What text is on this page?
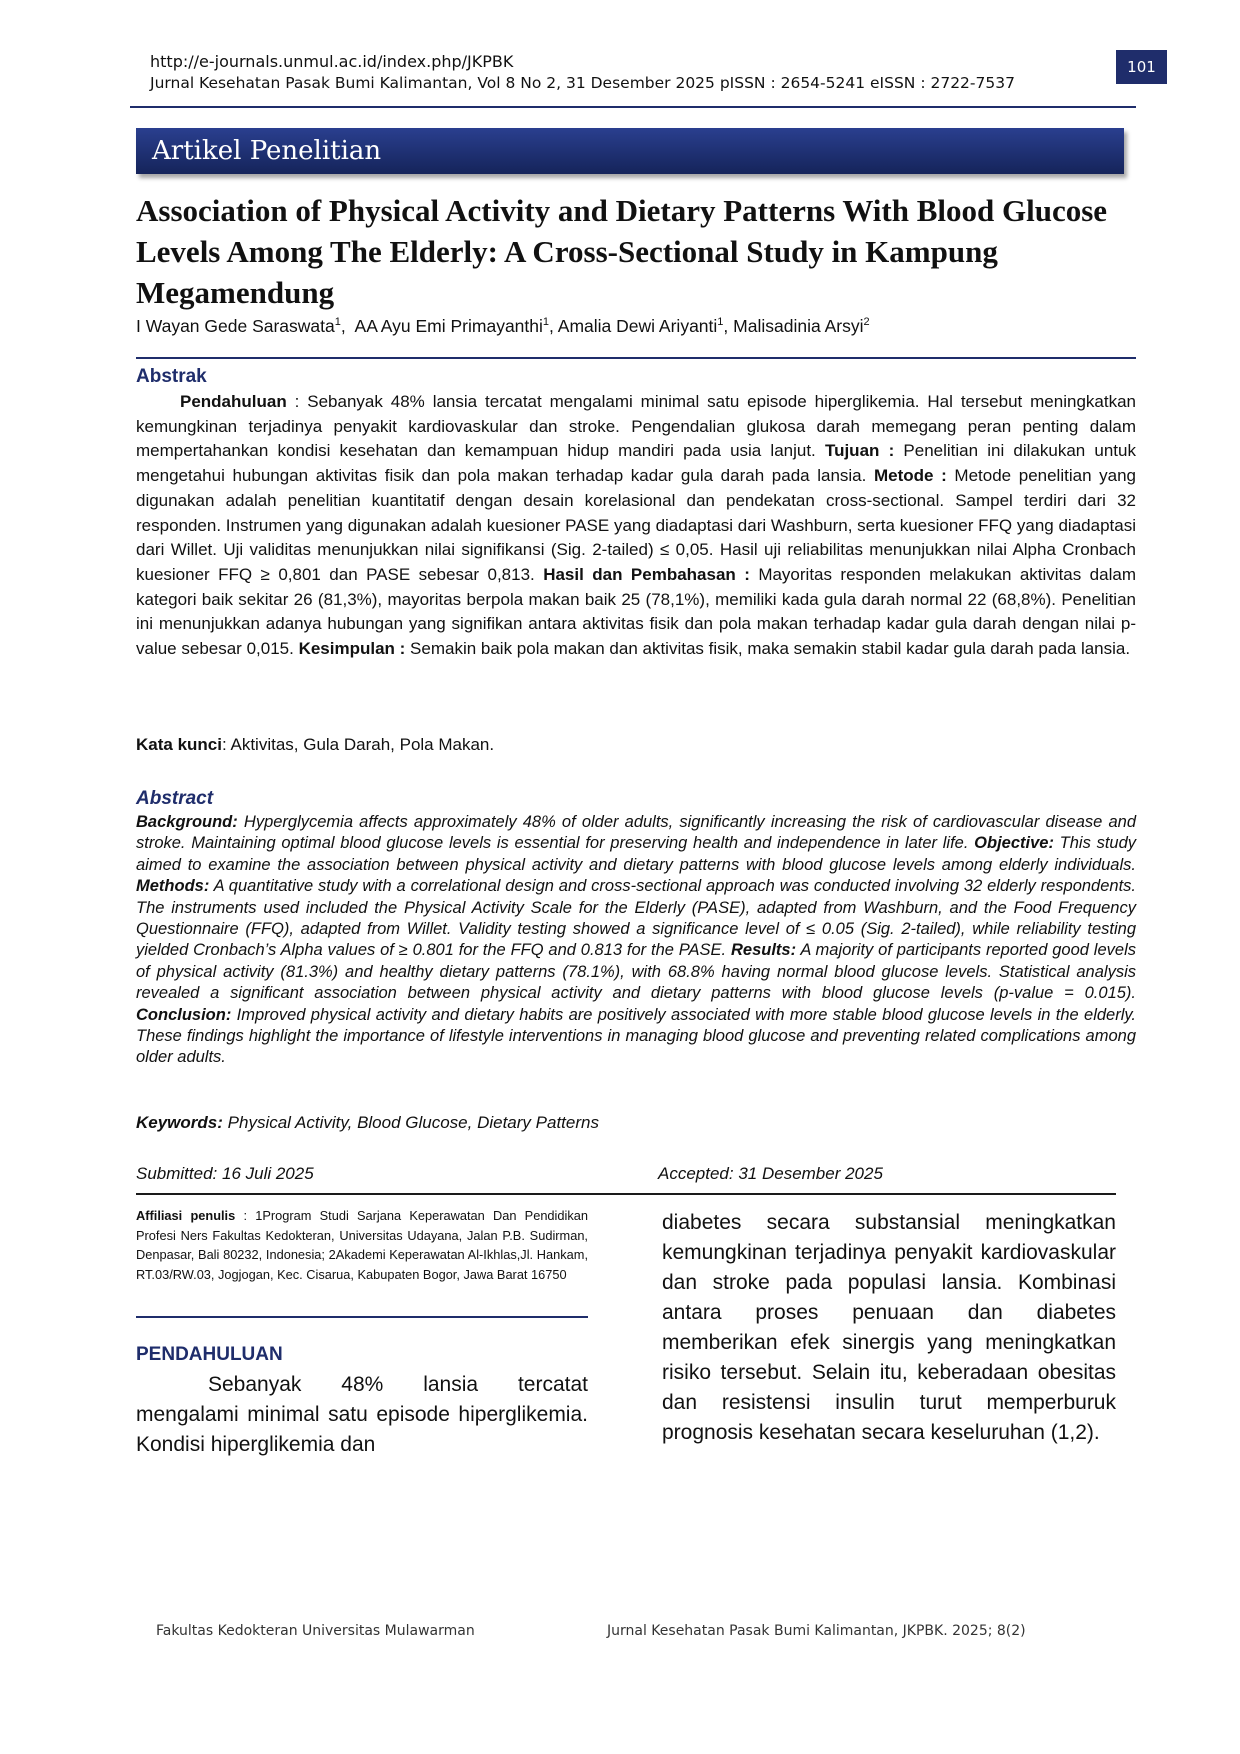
http://e-journals.unmul.ac.id/index.php/JKPBK
Jurnal Kesehatan Pasak Bumi Kalimantan, Vol 8 No 2, 31 Desember 2025 pISSN : 2654-5241 eISSN : 2722-7537
101
Artikel Penelitian
Association of Physical Activity and Dietary Patterns With Blood Glucose Levels Among The Elderly: A Cross-Sectional Study in Kampung Megamendung
I Wayan Gede Saraswata$^1$,  AA Ayu Emi Primayanthi$^1$, Amalia Dewi Ariyanti$^1$, Malisadinia Arsyi$^2$
Abstrak

Pendahuluan : Sebanyak 48% lansia tercatat mengalami minimal satu episode hiperglikemia. Hal tersebut meningkatkan kemungkinan terjadinya penyakit kardiovaskular dan stroke. Pengendalian glukosa darah memegang peran penting dalam mempertahankan kondisi kesehatan dan kemampuan hidup mandiri pada usia lanjut. Tujuan : Penelitian ini dilakukan untuk mengetahui hubungan aktivitas fisik dan pola makan terhadap kadar gula darah pada lansia. Metode : Metode penelitian yang digunakan adalah penelitian kuantitatif dengan desain korelasional dan pendekatan cross-sectional. Sampel terdiri dari 32 responden. Instrumen yang digunakan adalah kuesioner PASE yang diadaptasi dari Washburn, serta kuesioner FFQ yang diadaptasi dari Willet. Uji validitas menunjukkan nilai signifikansi (Sig. 2-tailed) ≤ 0,05. Hasil uji reliabilitas menunjukkan nilai Alpha Cronbach kuesioner FFQ ≥ 0,801 dan PASE sebesar 0,813. Hasil dan Pembahasan : Mayoritas responden melakukan aktivitas dalam kategori baik sekitar 26 (81,3%), mayoritas berpola makan baik 25 (78,1%), memiliki kada gula darah normal 22 (68,8%). Penelitian ini menunjukkan adanya hubungan yang signifikan antara aktivitas fisik dan pola makan terhadap kadar gula darah dengan nilai p-value sebesar 0,015. Kesimpulan : Semakin baik pola makan dan aktivitas fisik, maka semakin stabil kadar gula darah pada lansia.

Kata kunci: Aktivitas, Gula Darah, Pola Makan.
Abstract
Background: Hyperglycemia affects approximately 48% of older adults, significantly increasing the risk of cardiovascular disease and stroke. Maintaining optimal blood glucose levels is essential for preserving health and independence in later life. Objective: This study aimed to examine the association between physical activity and dietary patterns with blood glucose levels among elderly individuals. Methods: A quantitative study with a correlational design and cross-sectional approach was conducted involving 32 elderly respondents. The instruments used included the Physical Activity Scale for the Elderly (PASE), adapted from Washburn, and the Food Frequency Questionnaire (FFQ), adapted from Willet. Validity testing showed a significance level of ≤ 0.05 (Sig. 2-tailed), while reliability testing yielded Cronbach’s Alpha values of ≥ 0.801 for the FFQ and 0.813 for the PASE. Results: A majority of participants reported good levels of physical activity (81.3%) and healthy dietary patterns (78.1%), with 68.8% having normal blood glucose levels. Statistical analysis revealed a significant association between physical activity and dietary patterns with blood glucose levels (p-value = 0.015). Conclusion: Improved physical activity and dietary habits are positively associated with more stable blood glucose levels in the elderly. These findings highlight the importance of lifestyle interventions in managing blood glucose and preventing related complications among older adults.
Keywords: Physical Activity, Blood Glucose, Dietary Patterns
Submitted: 16 Juli 2025	Accepted: 31 Desember 2025
Affiliasi penulis : 1Program Studi Sarjana Keperawatan Dan Pendidikan Profesi Ners Fakultas Kedokteran, Universitas Udayana, Jalan P.B. Sudirman, Denpasar, Bali 80232, Indonesia; 2Akademi Keperawatan Al-Ikhlas,Jl. Hankam, RT.03/RW.03, Jogjogan, Kec. Cisarua, Kabupaten Bogor, Jawa Barat 16750
PENDAHULUAN

Sebanyak 48% lansia tercatat mengalami minimal satu episode hiperglikemia. Kondisi hiperglikemia dan

diabetes secara substansial meningkatkan kemungkinan terjadinya penyakit kardiovaskular dan stroke pada populasi lansia. Kombinasi antara proses penuaan dan diabetes memberikan efek sinergis yang meningkatkan risiko tersebut. Selain itu, keberadaan obesitas dan resistensi insulin turut memperburuk prognosis kesehatan secara keseluruhan (1,2).

Fakultas Kedokteran Universitas Mulawarman	Jurnal Kesehatan Pasak Bumi Kalimantan, JKPBK. 2025; 8(2)
